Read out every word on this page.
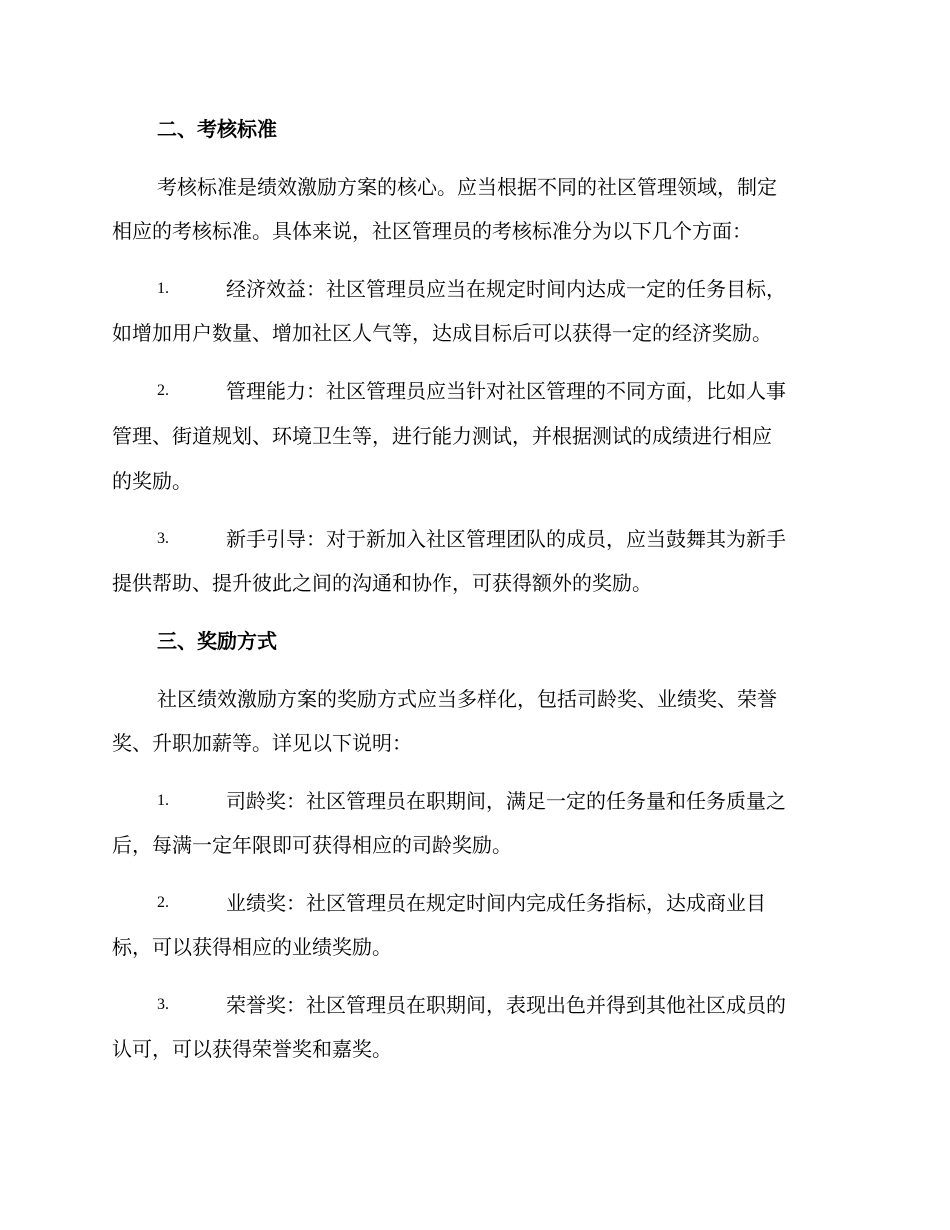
二、考核标准
考核标准是绩效激励方案的核心。应当根据不同的社区管理领域，制定
相应的考核标准。具体来说，社区管理员的考核标准分为以下几个方面：
1.	经济效益：社区管理员应当在规定时间内达成一定的任务目标，
如增加用户数量、增加社区人气等，达成目标后可以获得一定的经济奖励。
2.	管理能力：社区管理员应当针对社区管理的不同方面，比如人事
管理、街道规划、环境卫生等，进行能力测试，并根据测试的成绩进行相应
的奖励。
3.	新手引导：对于新加入社区管理团队的成员，应当鼓舞其为新手
提供帮助、提升彼此之间的沟通和协作，可获得额外的奖励。
三、奖励方式
社区绩效激励方案的奖励方式应当多样化，包括司龄奖、业绩奖、荣誉
奖、升职加薪等。详见以下说明：
1.	司龄奖：社区管理员在职期间，满足一定的任务量和任务质量之
后，每满一定年限即可获得相应的司龄奖励。
2.	业绩奖：社区管理员在规定时间内完成任务指标，达成商业目
标，可以获得相应的业绩奖励。
3.	荣誉奖：社区管理员在职期间，表现出色并得到其他社区成员的
认可，可以获得荣誉奖和嘉奖。
